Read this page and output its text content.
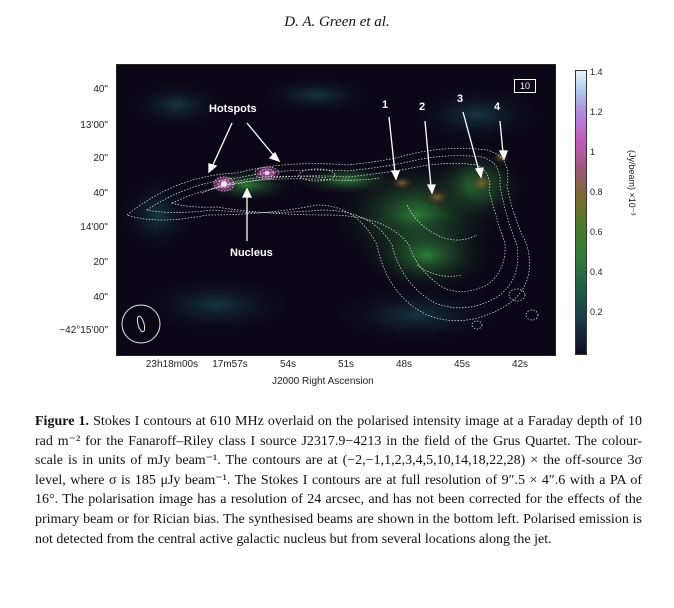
D. A. Green et al.
Hotspots
Nucleus
1	2
3
4
10
40"
13'00"
20"
40"
14'00"
20"
40"
−42°15'00"
23h18m00s	17m57s	54s	51s	48s	45s	42s
J2000 Right Ascension
1.4
1.2
1
0.8
0.6
0.4
0.2
(Jy/beam) ×10⁻³
Figure 1. Stokes I contours at 610 MHz overlaid on the polarised intensity image at a Faraday depth of 10 rad m⁻² for the Fanaroff–Riley class I source J2317.9−4213 in the field of the Grus Quartet. The colour-scale is in units of mJy beam⁻¹. The contours are at (−2,−1,1,2,3,4,5,10,14,18,22,28) × the off-source 3σ level, where σ is 185 μJy beam⁻¹. The Stokes I contours are at full resolution of 9″.5 × 4″.6 with a PA of 16°. The polarisation image has a resolution of 24 arcsec, and has not been corrected for the effects of the primary beam or for Rician bias. The synthesised beams are shown in the bottom left. Polarised emission is not detected from the central active galactic nucleus but from several locations along the jet.
